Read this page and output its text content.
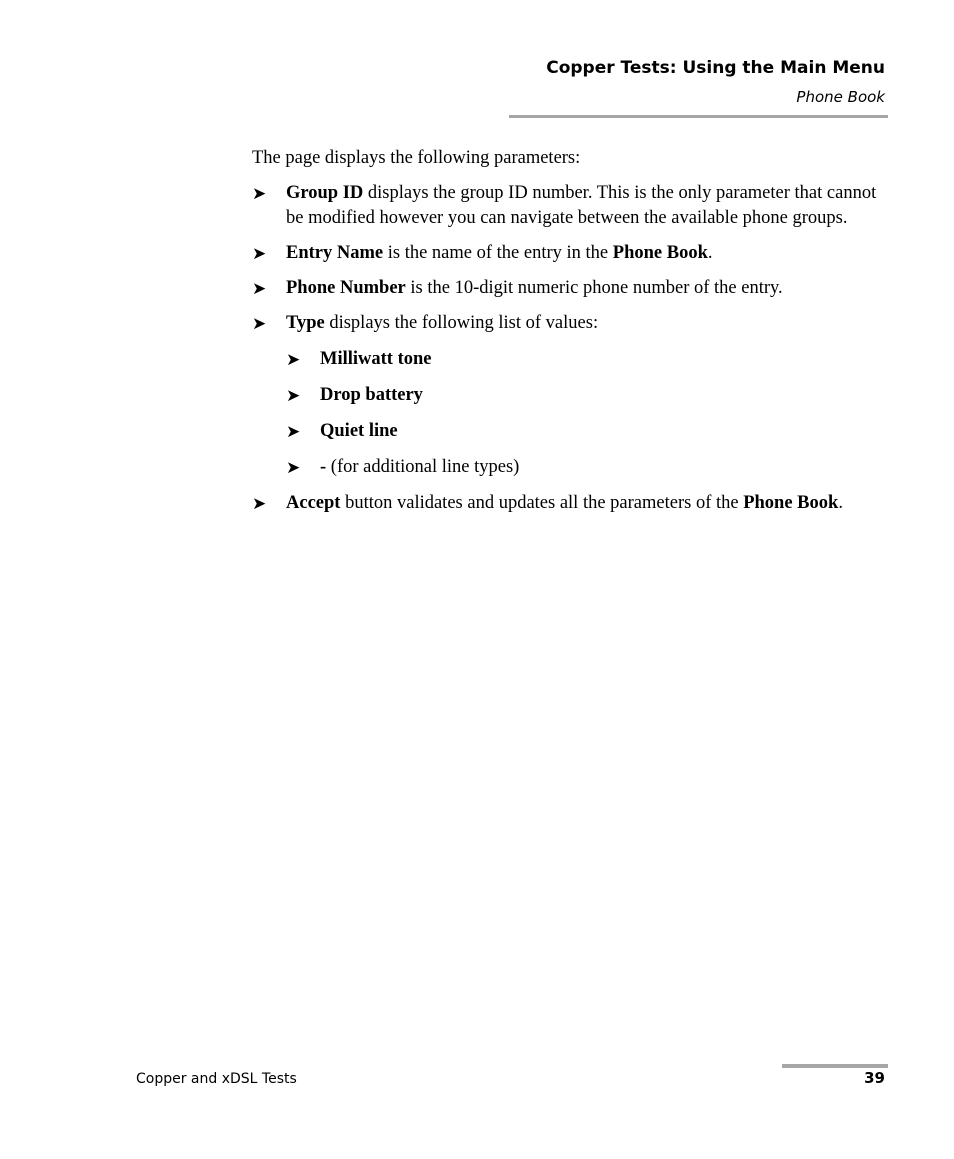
Copper Tests: Using the Main Menu
Phone Book

The page displays the following parameters:

➤ Group ID displays the group ID number. This is the only parameter that cannot be modified however you can navigate between the available phone groups.
➤ Entry Name is the name of the entry in the Phone Book.
➤ Phone Number is the 10-digit numeric phone number of the entry.
➤ Type displays the following list of values:
➤ Milliwatt tone
➤ Drop battery
➤ Quiet line
➤ - (for additional line types)
➤ Accept button validates and updates all the parameters of the Phone Book.
Copper and xDSL Tests	39
